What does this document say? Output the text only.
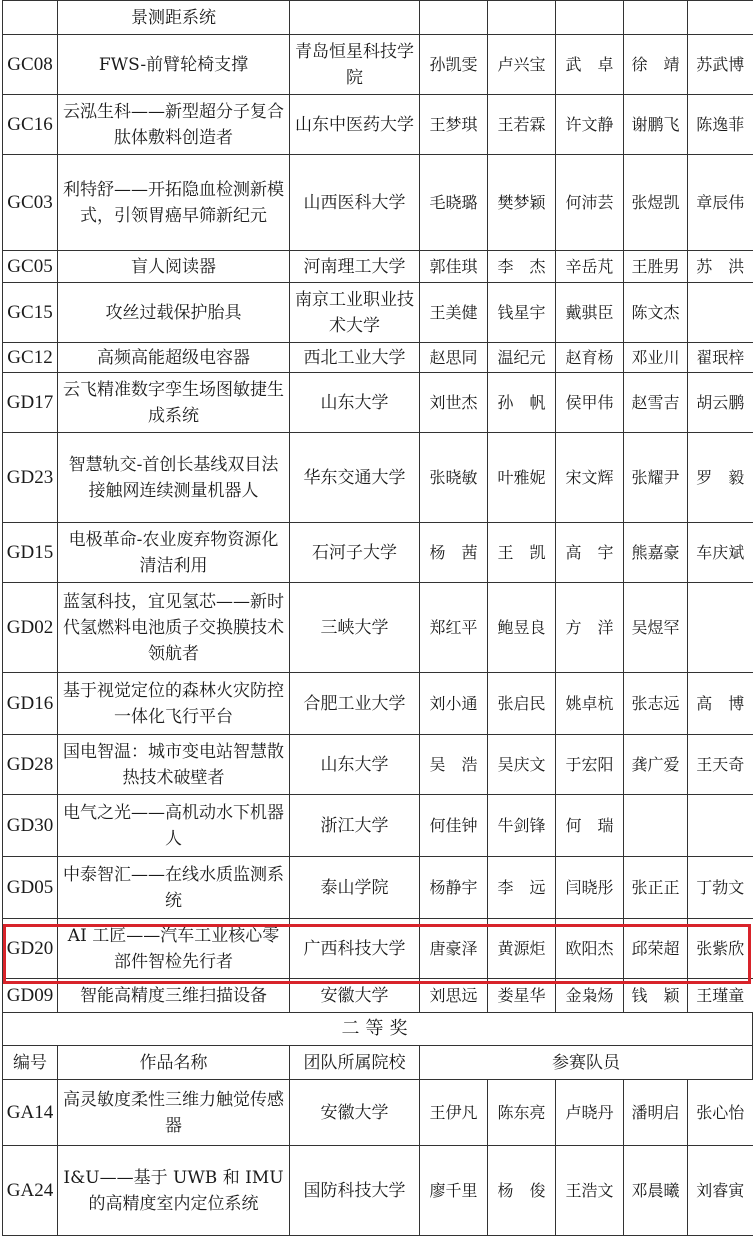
	景测距系统						
GC08	FWS-前臂轮椅支撑	青岛恒星科技学院	孙凯雯	卢兴宝	武　卓	徐　靖	苏武博
GC16	云泓生科——新型超分子复合肽体敷料创造者	山东中医药大学	王梦琪	王若霖	许文静	谢鹏飞	陈逸菲
GC03	利特舒——开拓隐血检测新模式，引领胃癌早筛新纪元	山西医科大学	毛晓璐	樊梦颖	何沛芸	张煜凯	章辰伟
GC05	盲人阅读器	河南理工大学	郭佳琪	李　杰	辛岳芃	王胜男	苏　洪
GC15	攻丝过载保护胎具	南京工业职业技术大学	王美健	钱星宇	戴骐臣	陈文杰	
GC12	高频高能超级电容器	西北工业大学	赵思同	温纪元	赵育杨	邓业川	翟珉梓
GD17	云飞精准数字孪生场图敏捷生成系统	山东大学	刘世杰	孙　帆	侯甲伟	赵雪吉	胡云鹏
GD23	智慧轨交-首创长基线双目法接触网连续测量机器人	华东交通大学	张晓敏	叶雅妮	宋文辉	张耀尹	罗　毅
GD15	电极革命-农业废弃物资源化清洁利用	石河子大学	杨　茜	王　凯	高　宇	熊嘉豪	车庆斌
GD02	蓝氢科技，宜见氢芯——新时代氢燃料电池质子交换膜技术领航者	三峡大学	郑红平	鲍昱良	方　洋	吴煜罕	
GD16	基于视觉定位的森林火灾防控一体化飞行平台	合肥工业大学	刘小通	张启民	姚卓杭	张志远	高　博
GD28	国电智温：城市变电站智慧散热技术破壁者	山东大学	吴　浩	吴庆文	于宏阳	龚广爱	王天奇
GD30	电气之光——高机动水下机器人	浙江大学	何佳钟	牛剑锋	何　瑞		
GD05	中泰智汇——在线水质监测系统	泰山学院	杨静宇	李　远	闫晓彤	张正正	丁勃文
GD20	AI 工匠——汽车工业核心零部件智检先行者	广西科技大学	唐豪泽	黄源炬	欧阳杰	邱荣超	张紫欣
GD09	智能高精度三维扫描设备	安徽大学	刘思远	娄星华	金枭炀	钱　颖	王瑾童
二等奖							
编号	作品名称	团队所属院校	参赛队员				
GA14	高灵敏度柔性三维力触觉传感器	安徽大学	王伊凡	陈东亮	卢晓丹	潘明启	张心怡
GA24	I&U——基于 UWB 和 IMU 的高精度室内定位系统	国防科技大学	廖千里	杨　俊	王浩文	邓晨曦	刘睿寅
